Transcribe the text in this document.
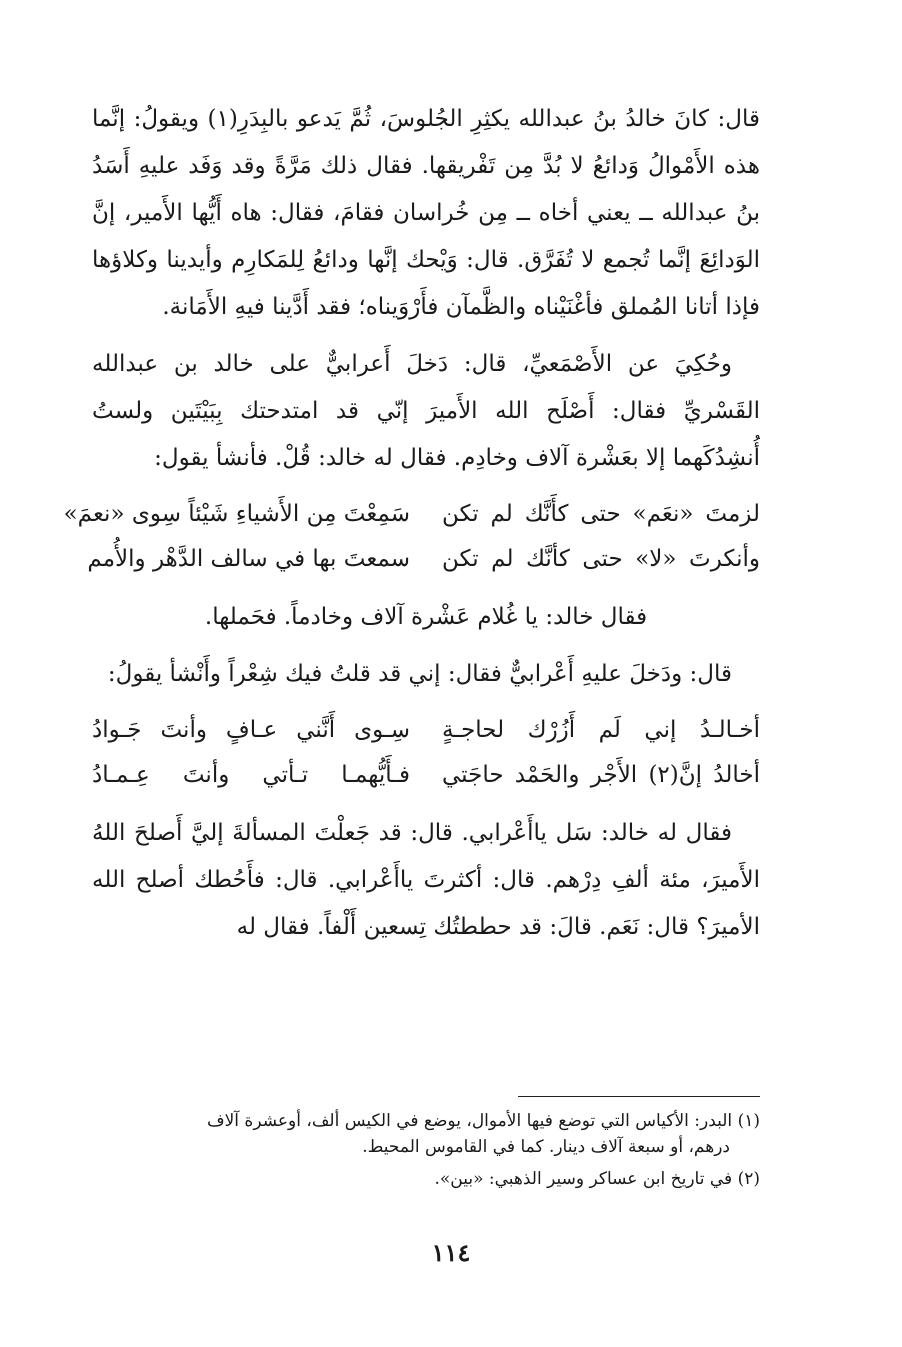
قال: كانَ خالدُ بنُ عبدالله يكثِرِ الجُلوسَ، ثُمَّ يَدعو بالبِدَرِ(١) ويقولُ: إنَّما هذه الأَمْوالُ وَدائعُ لا بُدَّ مِن تَفْريقها. فقال ذلك مَرَّةً وقد وَفَد عليهِ أَسَدُ بنُ عبدالله ــ يعني أخاه ــ مِن خُراسان فقامَ، فقال: هاه أَيُّها الأَمير، إنَّ الوَدائِعَ إنَّما تُجمع لا تُفَرَّق. قال: وَيْحك إنَّها ودائعُ لِلمَكارِم وأيدينا وكلاؤها فإذا أتانا المُملق فأغْنَيْناه والظَّمآن فأَرْوَيناه؛ فقد أَدَّينا فيهِ الأَمَانة.

وحُكِيَ عن الأَصْمَعيِّ، قال: دَخلَ أَعرابيٌّ على خالد بن عبدالله القَسْريِّ فقال: أَصْلَح الله الأَميرَ إنّي قد امتدحتك بِبَيْتَين ولستُ أُنشِدُكَهما إلا بعَشْرة آلاف وخادِم. فقال له خالد: قُلْ. فأنشأ يقول:

لزمتَ «نعَم» حتى كأَنَّك لم تكن
سَمِعْتَ مِن الأَشياءِ شَيْئاً سِوى «نعمَ»
وأنكرتَ «لا» حتى كأنَّك لم تكن
سمعتَ بها في سالف الدَّهْر والأُمم

فقال خالد: يا غُلام عَشْرة آلاف وخادماً. فحَملها.

قال: ودَخلَ عليهِ أَعْرابيٌّ فقال: إني قد قلتُ فيك شِعْراً وأَنْشأ يقولُ:

أخـالـدُ إني لَم أَزُرْك لحاجـةٍ
سِـوى أَنَّني عـافٍ وأنتَ جَـوادُ
أخالدُ إنَّ(٢) الأَجْر والحَمْد حاجَتي
فـأَيُّهمـا تـأتي وأنتَ عِـمـادُ

فقال له خالد: سَل ياأَعْرابي. قال: قد جَعلْتَ المسألةَ إليَّ أَصلحَ اللهُ الأَميرَ، مئة ألفِ دِرْهم. قال: أكثرتَ ياأَعْرابي. قال: فأَحُطك أصلح الله الأميرَ؟ قال: نَعَم. قالَ: قد حططتُك تِسعين أَلْفاً. فقال له

(١) البدر: الأكياس التي توضع فيها الأموال، يوضع في الكيس ألف، أوعشرة آلاف
درهم، أو سبعة آلاف دينار. كما في القاموس المحيط.
(٢) في تاريخ ابن عساكر وسير الذهبي: «بين».
١١٤
